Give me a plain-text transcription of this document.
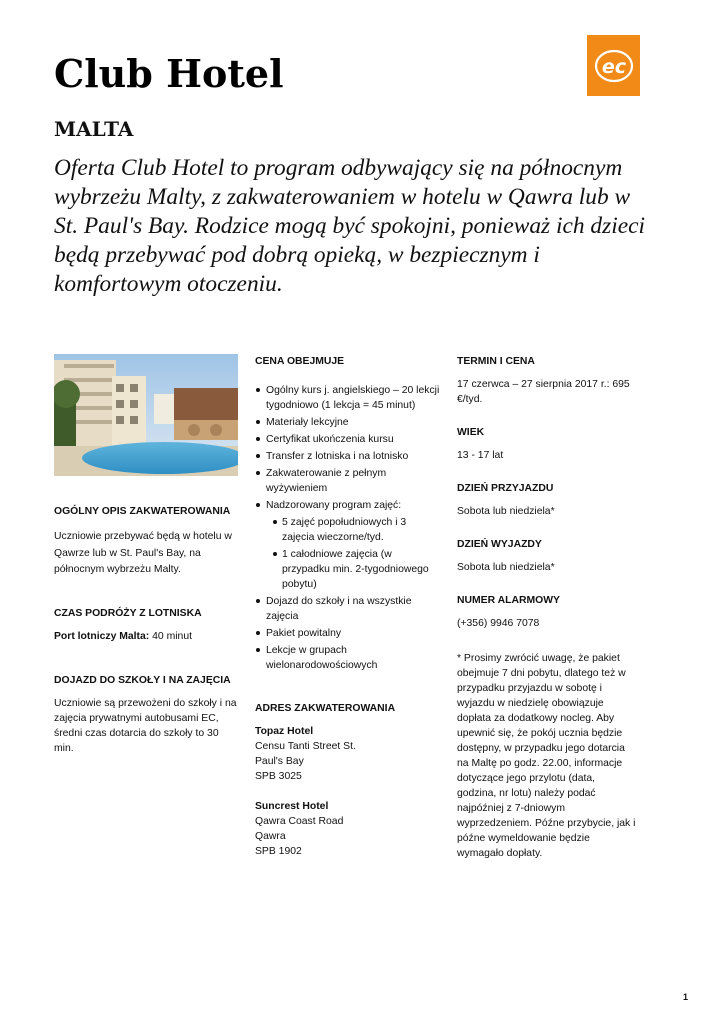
Club Hotel	ec
MALTA

Oferta Club Hotel to program odbywający się na północnym wybrzeżu Malty, z zakwaterowaniem w hotelu w Qawra lub w St. Paul's Bay. Rodzice mogą być spokojni, ponieważ ich dzieci będą przebywać pod dobrą opieką, w bezpiecznym i komfortowym otoczeniu.

OGÓLNY OPIS ZAKWATEROWANIA

Uczniowie przebywać będą w hotelu w Qawrze lub w St. Paul's Bay, na północnym wybrzeżu Malty.

CZAS PODRÓŻY Z LOTNISKA

Port lotniczy Malta: 40 minut

DOJAZD DO SZKOŁY I NA ZAJĘCIA

Uczniowie są przewożeni do szkoły i na zajęcia prywatnymi autobusami EC, średni czas dotarcia do szkoły to 30 min.

CENA OBEJMUJE

Ogólny kurs j. angielskiego – 20 lekcji tygodniowo (1 lekcja = 45 minut)
Materiały lekcyjne
Certyfikat ukończenia kursu
Transfer z lotniska i na lotnisko
Zakwaterowanie z pełnym wyżywieniem
Nadzorowany program zajęć:
5 zajęć popołudniowych i 3 zajęcia wieczorne/tyd.
1 całodniowe zajęcia (w przypadku min. 2-tygodniowego pobytu)
Dojazd do szkoły i na wszystkie zajęcia
Pakiet powitalny
Lekcje w grupach wielonarodowościowych

ADRES ZAKWATEROWANIA

Topaz Hotel

Censu Tanti Street St.

Paul's Bay

SPB 3025

Suncrest Hotel

Qawra Coast Road

Qawra

SPB 1902

TERMIN I CENA

17 czerwca – 27 sierpnia 2017 r.: 695 €/tyd.

WIEK

13 - 17 lat

DZIEŃ PRZYJAZDU

Sobota lub niedziela*

DZIEŃ WYJAZDY

Sobota lub niedziela*

NUMER ALARMOWY

(+356) 9946 7078

* Prosimy zwrócić uwagę, że pakiet obejmuje 7 dni pobytu, dlatego też w przypadku przyjazdu w sobotę i wyjazdu w niedzielę obowiązuje dopłata za dodatkowy nocleg. Aby upewnić się, że pokój ucznia będzie dostępny, w przypadku jego dotarcia na Maltę po godz. 22.00, informacje dotyczące jego przylotu (data, godzina, nr lotu) należy podać najpóźniej z 7-dniowym wyprzedzeniem. Późne przybycie, jak i późne wymeldowanie będzie wymagało dopłaty.

1
